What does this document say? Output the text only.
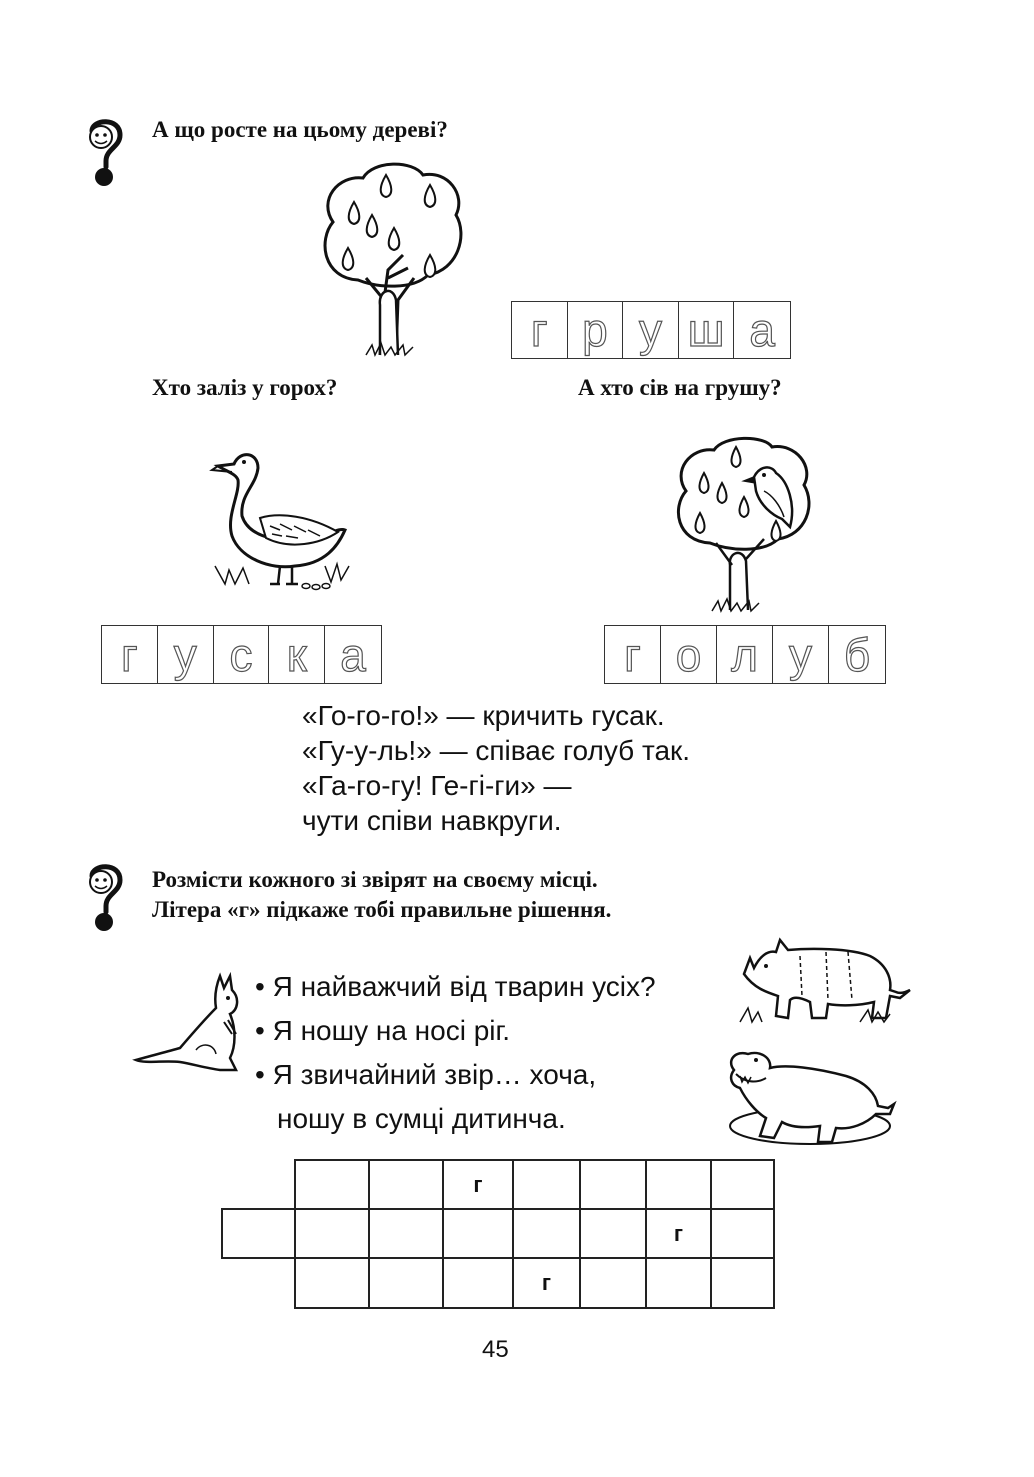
А що росте на цьому дереві?
г р у ш а
Хто заліз у горох?	А хто сів на грушу?
г у с к а	г о л у б
«Го-го-го!» — кричить гусак.
«Гу-у-ль!» — співає голуб так.
«Га-го-гу! Ге-гі-ги» —
чути співи навкруги.
Розмісти кожного зі звірят на своєму місці.
Літера «г» підкаже тобі правильне рішення.
• Я найважчий від тварин усіх?
• Я ношу на носі ріг.
• Я звичайний звір… хоча,
ношу в сумці дитинча.
г
г
г
45
